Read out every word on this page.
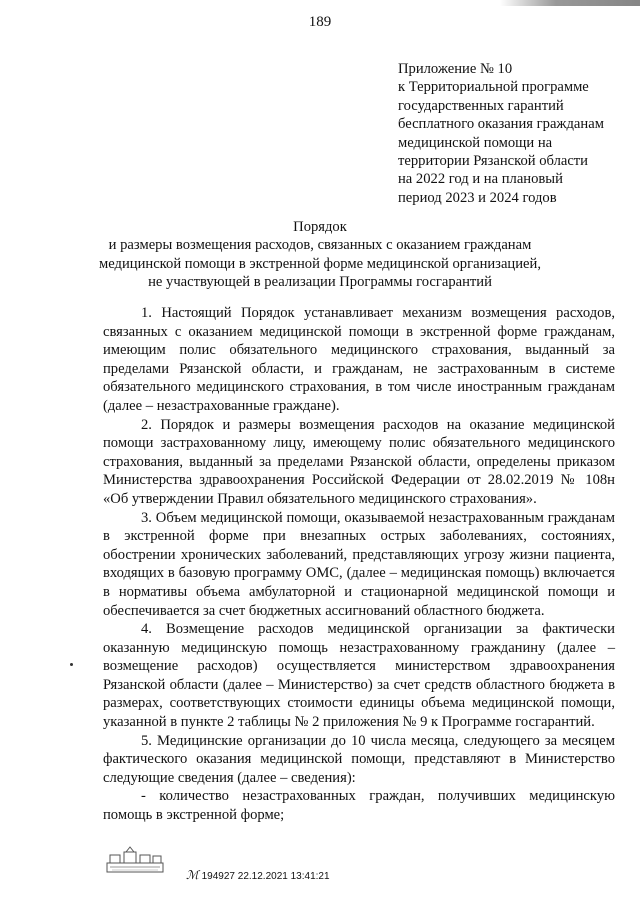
189
Приложение № 10
к Территориальной программе
государственных гарантий
бесплатного оказания гражданам
медицинской помощи на
территории Рязанской области
на 2022 год и на плановый
период 2023 и 2024 годов
Порядок
и размеры возмещения расходов, связанных с оказанием гражданам
медицинской помощи в экстренной форме медицинской организацией,
не участвующей в реализации Программы госгарантий

1. Настоящий Порядок устанавливает механизм возмещения расходов, связанных с оказанием медицинской помощи в экстренной форме гражданам, имеющим полис обязательного медицинского страхования, выданный за пределами Рязанской области, и гражданам, не застрахованным в системе обязательного медицинского страхования, в том числе иностранным гражданам (далее – незастрахованные граждане).

2. Порядок и размеры возмещения расходов на оказание медицинской помощи застрахованному лицу, имеющему полис обязательного медицинского страхования, выданный за пределами Рязанской области, определены приказом Министерства здравоохранения Российской Федерации от 28.02.2019 № 108н «Об утверждении Правил обязательного медицинского страхования».

3. Объем медицинской помощи, оказываемой незастрахованным гражданам в экстренной форме при внезапных острых заболеваниях, состояниях, обострении хронических заболеваний, представляющих угрозу жизни пациента, входящих в базовую программу ОМС, (далее – медицинская помощь) включается в нормативы объема амбулаторной и стационарной медицинской помощи и обеспечивается за счет бюджетных ассигнований областного бюджета.

4. Возмещение расходов медицинской организации за фактически оказанную медицинскую помощь незастрахованному гражданину (далее – возмещение расходов) осуществляется министерством здравоохранения Рязанской области (далее – Министерство) за счет средств областного бюджета в размерах, соответствующих стоимости единицы объема медицинской помощи, указанной в пункте 2 таблицы № 2 приложения № 9 к Программе госгарантий.

5. Медицинские организации до 10 числа месяца, следующего за месяцем фактического оказания медицинской помощи, представляют в Министерство следующие сведения (далее – сведения):

- количество незастрахованных граждан, получивших медицинскую помощь в экстренной форме;

ℳ 194927 22.12.2021 13:41:21
